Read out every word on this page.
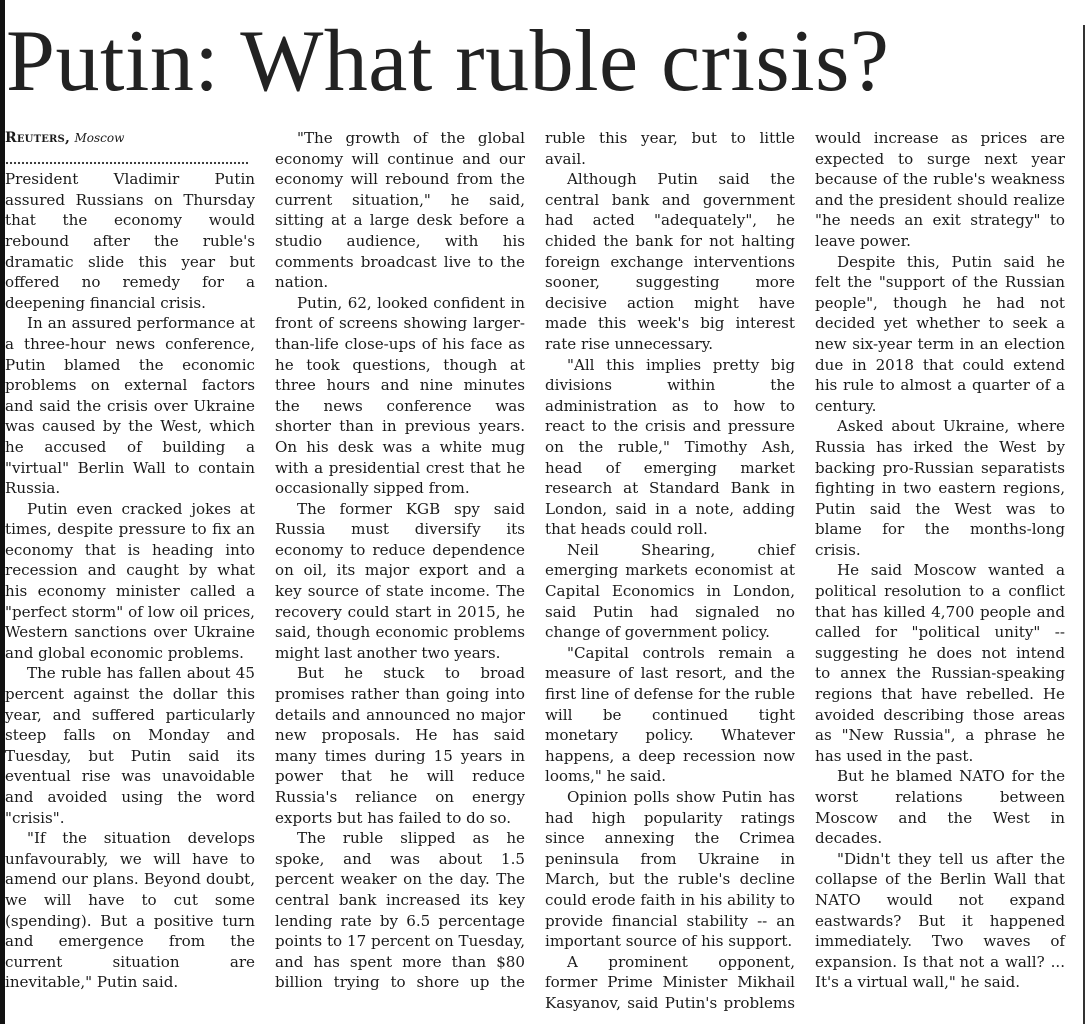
Putin: What ruble crisis?
Reuters, Moscow

President Vladimir Putin assured Russians on Thursday that the economy would rebound after the ruble's dramatic slide this year but offered no remedy for a deepening financial crisis.

In an assured performance at a three-hour news conference, Putin blamed the economic problems on external factors and said the crisis over Ukraine was caused by the West, which he accused of building a "virtual" Berlin Wall to contain Russia.

Putin even cracked jokes at times, despite pressure to fix an economy that is heading into recession and caught by what his economy minister called a "perfect storm" of low oil prices, Western sanctions over Ukraine and global economic problems.

The ruble has fallen about 45 percent against the dollar this year, and suffered particularly steep falls on Monday and Tuesday, but Putin said its eventual rise was unavoidable and avoided using the word "crisis".

"If the situation develops unfavourably, we will have to amend our plans. Beyond doubt, we will have to cut some (spending). But a positive turn and emergence from the current situation are inevitable," Putin said.

"The growth of the global economy will continue and our economy will rebound from the current situation," he said, sitting at a large desk before a studio audience, with his comments broadcast live to the nation.

Putin, 62, looked confident in front of screens showing larger-than-life close-ups of his face as he took questions, though at three hours and nine minutes the news conference was shorter than in previous years. On his desk was a white mug with a presidential crest that he occasionally sipped from.

The former KGB spy said Russia must diversify its economy to reduce dependence on oil, its major export and a key source of state income. The recovery could start in 2015, he said, though economic problems might last another two years.

But he stuck to broad promises rather than going into details and announced no major new proposals. He has said many times during 15 years in power that he will reduce Russia's reliance on energy exports but has failed to do so.

The ruble slipped as he spoke, and was about 1.5 percent weaker on the day. The central bank increased its key lending rate by 6.5 percentage points to 17 percent on Tuesday, and has spent more than $80 billion trying to shore up the ruble this year, but to little avail.

Although Putin said the central bank and government had acted "adequately", he chided the bank for not halting foreign exchange interventions sooner, suggesting more decisive action might have made this week's big interest rate rise unnecessary.

"All this implies pretty big divisions within the administration as to how to react to the crisis and pressure on the ruble," Timothy Ash, head of emerging market research at Standard Bank in London, said in a note, adding that heads could roll.

Neil Shearing, chief emerging markets economist at Capital Economics in London, said Putin had signaled no change of government policy.

"Capital controls remain a measure of last resort, and the first line of defense for the ruble will be continued tight monetary policy. Whatever happens, a deep recession now looms," he said.

Opinion polls show Putin has had high popularity ratings since annexing the Crimea peninsula from Ukraine in March, but the ruble's decline could erode faith in his ability to provide financial stability -- an important source of his support.

A prominent opponent, former Prime Minister Mikhail Kasyanov, said Putin's problems would increase as prices are expected to surge next year because of the ruble's weakness and the president should realize "he needs an exit strategy" to leave power.

Despite this, Putin said he felt the "support of the Russian people", though he had not decided yet whether to seek a new six-year term in an election due in 2018 that could extend his rule to almost a quarter of a century.

Asked about Ukraine, where Russia has irked the West by backing pro-Russian separatists fighting in two eastern regions, Putin said the West was to blame for the months-long crisis.

He said Moscow wanted a political resolution to a conflict that has killed 4,700 people and called for "political unity" -- suggesting he does not intend to annex the Russian-speaking regions that have rebelled. He avoided describing those areas as "New Russia", a phrase he has used in the past.

But he blamed NATO for the worst relations between Moscow and the West in decades.

"Didn't they tell us after the collapse of the Berlin Wall that NATO would not expand eastwards? But it happened immediately. Two waves of expansion. Is that not a wall? ... It's a virtual wall," he said.
